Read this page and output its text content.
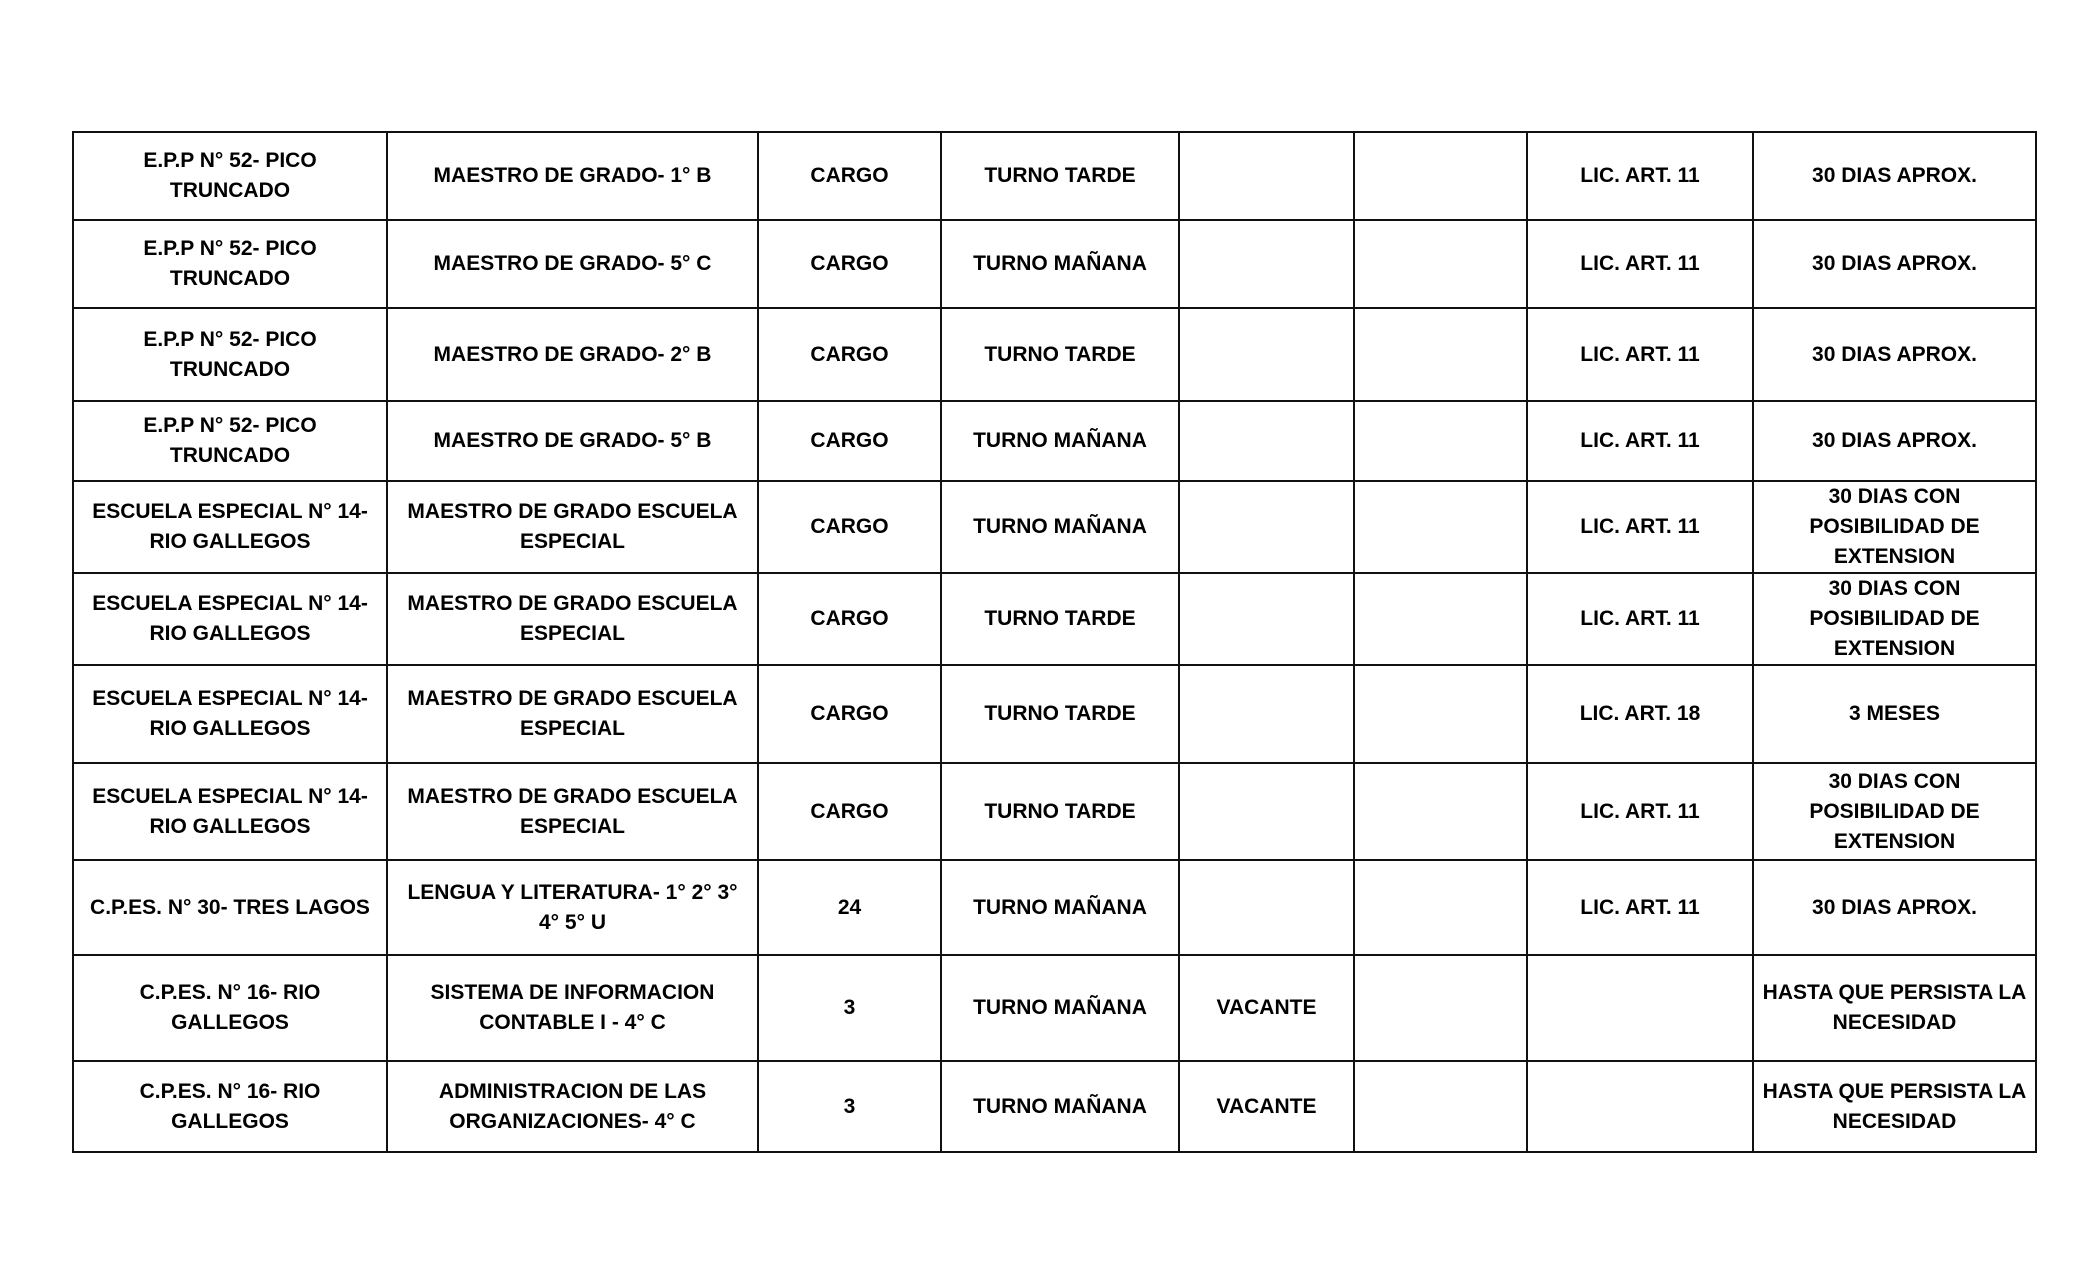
E.P.P N° 52- PICO TRUNCADO	MAESTRO DE GRADO- 1° B	CARGO	TURNO TARDE			LIC. ART. 11	30 DIAS APROX.
E.P.P N° 52- PICO TRUNCADO	MAESTRO DE GRADO- 5° C	CARGO	TURNO MAÑANA			LIC. ART. 11	30 DIAS APROX.
E.P.P N° 52- PICO TRUNCADO	MAESTRO DE GRADO- 2° B	CARGO	TURNO TARDE			LIC. ART. 11	30 DIAS APROX.
E.P.P N° 52- PICO TRUNCADO	MAESTRO DE GRADO- 5° B	CARGO	TURNO MAÑANA			LIC. ART. 11	30 DIAS APROX.
ESCUELA ESPECIAL N° 14- RIO GALLEGOS	MAESTRO DE GRADO ESCUELA ESPECIAL	CARGO	TURNO MAÑANA			LIC. ART. 11	30 DIAS CON POSIBILIDAD DE EXTENSION
ESCUELA ESPECIAL N° 14- RIO GALLEGOS	MAESTRO DE GRADO ESCUELA ESPECIAL	CARGO	TURNO TARDE			LIC. ART. 11	30 DIAS CON POSIBILIDAD DE EXTENSION
ESCUELA ESPECIAL N° 14- RIO GALLEGOS	MAESTRO DE GRADO ESCUELA ESPECIAL	CARGO	TURNO TARDE			LIC. ART. 18	3 MESES
ESCUELA ESPECIAL N° 14- RIO GALLEGOS	MAESTRO DE GRADO ESCUELA ESPECIAL	CARGO	TURNO TARDE			LIC. ART. 11	30 DIAS CON POSIBILIDAD DE EXTENSION
C.P.ES. N° 30- TRES LAGOS	LENGUA Y LITERATURA- 1° 2° 3° 4° 5° U	24	TURNO MAÑANA			LIC. ART. 11	30 DIAS APROX.
C.P.ES. N° 16- RIO GALLEGOS	SISTEMA DE INFORMACION CONTABLE I - 4° C	3	TURNO MAÑANA	VACANTE			HASTA QUE PERSISTA LA NECESIDAD
C.P.ES. N° 16- RIO GALLEGOS	ADMINISTRACION DE LAS ORGANIZACIONES- 4° C	3	TURNO MAÑANA	VACANTE			HASTA QUE PERSISTA LA NECESIDAD
